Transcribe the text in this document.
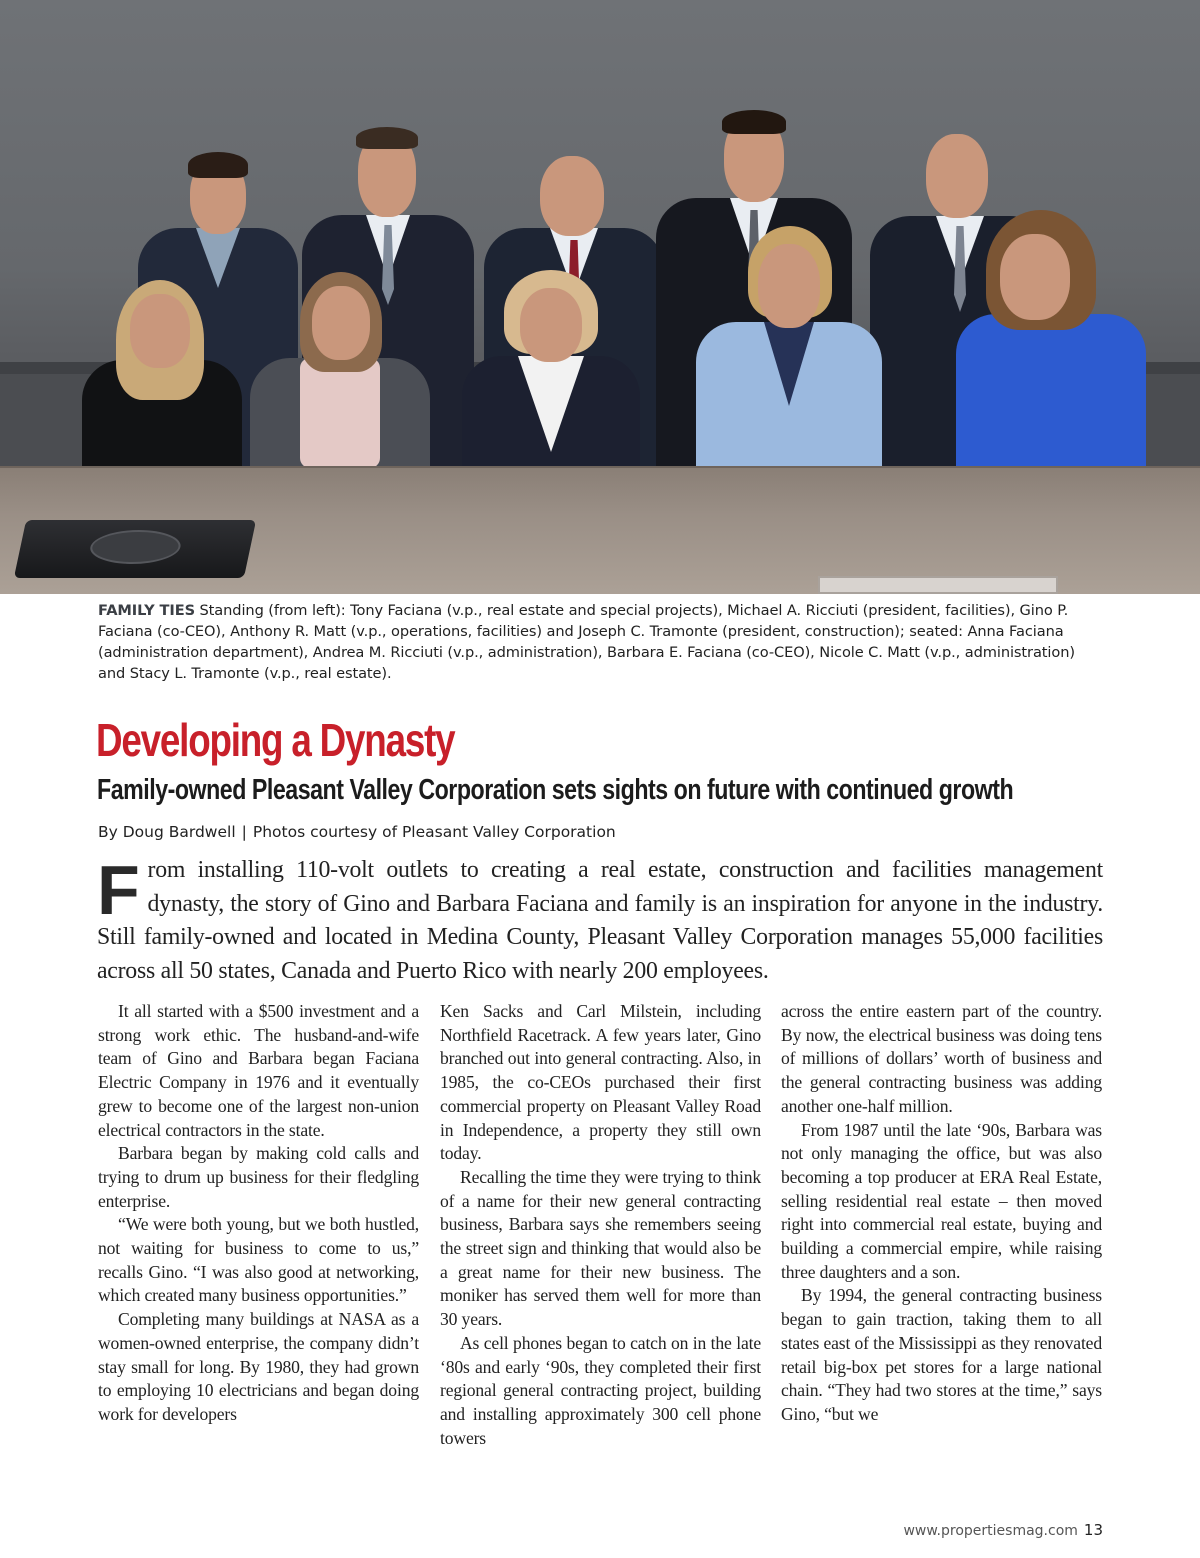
FAMILY TIES Standing (from left): Tony Faciana (v.p., real estate and special projects), Michael A. Ricciuti (president, facilities), Gino P. Faciana (co-CEO), Anthony R. Matt (v.p., operations, facilities) and Joseph C. Tramonte (president, construction); seated: Anna Faciana (administration department), Andrea M. Ricciuti (v.p., administration), Barbara E. Faciana (co-CEO), Nicole C. Matt (v.p., administration) and Stacy L. Tramonte (v.p., real estate).
Developing a Dynasty
Family-owned Pleasant Valley Corporation sets sights on future with continued growth
By Doug Bardwell | Photos courtesy of Pleasant Valley Corporation
From installing 110-volt outlets to creating a real estate, construction and facilities management dynasty, the story of Gino and Barbara Faciana and family is an inspiration for anyone in the industry. Still family-owned and located in Medina County, Pleasant Valley Corporation manages 55,000 facilities across all 50 states, Canada and Puerto Rico with nearly 200 employees.

It all started with a $500 investment and a strong work ethic. The husband-and-wife team of Gino and Barbara began Faciana Electric Company in 1976 and it eventually grew to become one of the largest non-union electrical contractors in the state.

Barbara began by making cold calls and trying to drum up business for their fledgling enterprise.

“We were both young, but we both hustled, not waiting for business to come to us,” recalls Gino. “I was also good at networking, which created many business opportunities.”

Completing many buildings at NASA as a women-owned enterprise, the company didn’t stay small for long. By 1980, they had grown to employing 10 electricians and began doing work for developers

Ken Sacks and Carl Milstein, including Northfield Racetrack. A few years later, Gino branched out into general contracting. Also, in 1985, the co-CEOs purchased their first commercial property on Pleasant Valley Road in Independence, a property they still own today.

Recalling the time they were trying to think of a name for their new general contracting business, Barbara says she remembers seeing the street sign and thinking that would also be a great name for their new business. The moniker has served them well for more than 30 years.

As cell phones began to catch on in the late ‘80s and early ‘90s, they completed their first regional general contracting project, building and installing approximately 300 cell phone towers

across the entire eastern part of the country. By now, the electrical business was doing tens of millions of dollars’ worth of business and the general contracting business was adding another one-half million.

From 1987 until the late ‘90s, Barbara was not only managing the office, but was also becoming a top producer at ERA Real Estate, selling residential real estate – then moved right into commercial real estate, buying and building a commercial empire, while raising three daughters and a son.

By 1994, the general contracting business began to gain traction, taking them to all states east of the Mississippi as they renovated retail big-box pet stores for a large national chain. “They had two stores at the time,” says Gino, “but we

www.propertiesmag.com 13
